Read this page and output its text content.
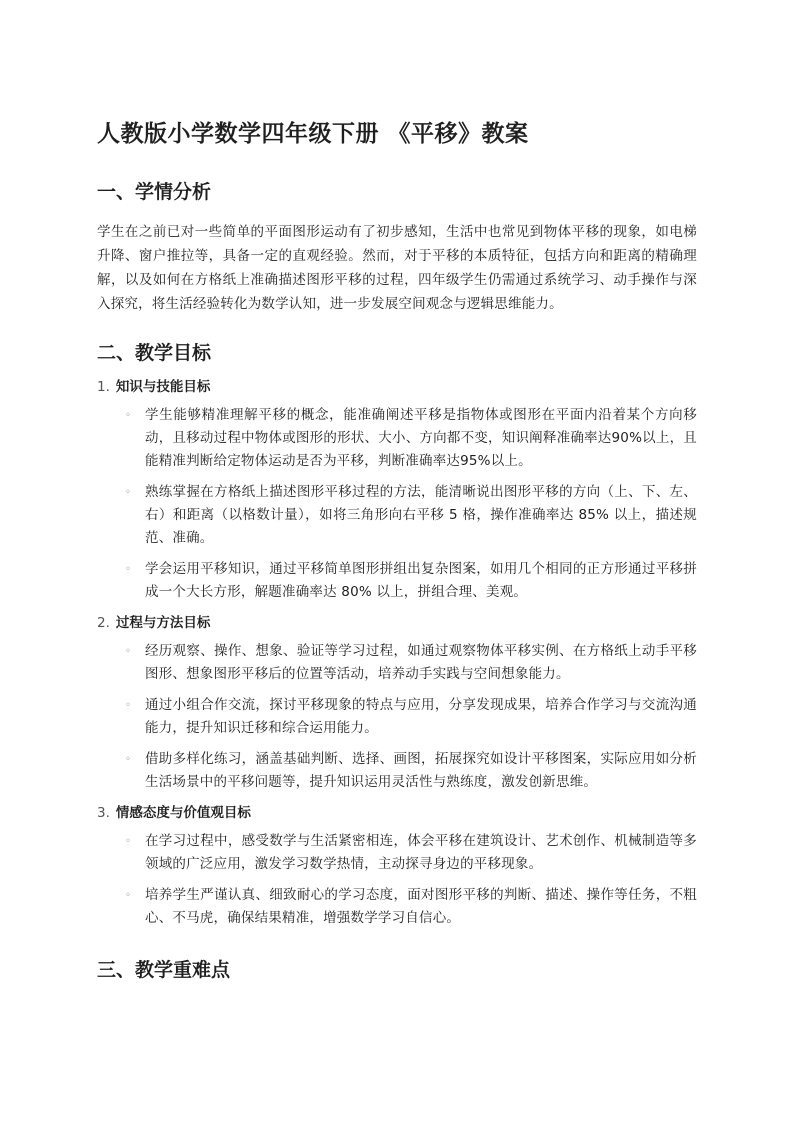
人教版小学数学四年级下册 《平移》教案
一、学情分析

学生在之前已对一些简单的平面图形运动有了初步感知，生活中也常见到物体平移的现象，如电梯升降、窗户推拉等，具备一定的直观经验。然而，对于平移的本质特征，包括方向和距离的精确理解，以及如何在方格纸上准确描述图形平移的过程，四年级学生仍需通过系统学习、动手操作与深入探究，将生活经验转化为数学认知，进一步发展空间观念与逻辑思维能力。

二、教学目标
1. 知识与技能目标
◦ 学生能够精准理解平移的概念，能准确阐述平移是指物体或图形在平面内沿着某个方向移动，且移动过程中物体或图形的形状、大小、方向都不变，知识阐释准确率达90%以上，且能精准判断给定物体运动是否为平移，判断准确率达95%以上。
◦ 熟练掌握在方格纸上描述图形平移过程的方法，能清晰说出图形平移的方向（上、下、左、右）和距离（以格数计量），如将三角形向右平移 5 格，操作准确率达 85% 以上，描述规范、准确。
◦ 学会运用平移知识，通过平移简单图形拼组出复杂图案，如用几个相同的正方形通过平移拼成一个大长方形，解题准确率达 80% 以上，拼组合理、美观。
2. 过程与方法目标
◦ 经历观察、操作、想象、验证等学习过程，如通过观察物体平移实例、在方格纸上动手平移图形、想象图形平移后的位置等活动，培养动手实践与空间想象能力。
◦ 通过小组合作交流，探讨平移现象的特点与应用，分享发现成果，培养合作学习与交流沟通能力，提升知识迁移和综合运用能力。
◦ 借助多样化练习，涵盖基础判断、选择、画图，拓展探究如设计平移图案，实际应用如分析生活场景中的平移问题等，提升知识运用灵活性与熟练度，激发创新思维。
3. 情感态度与价值观目标
◦ 在学习过程中，感受数学与生活紧密相连，体会平移在建筑设计、艺术创作、机械制造等多领域的广泛应用，激发学习数学热情，主动探寻身边的平移现象。
◦ 培养学生严谨认真、细致耐心的学习态度，面对图形平移的判断、描述、操作等任务，不粗心、不马虎，确保结果精准，增强数学学习自信心。
三、教学重难点
